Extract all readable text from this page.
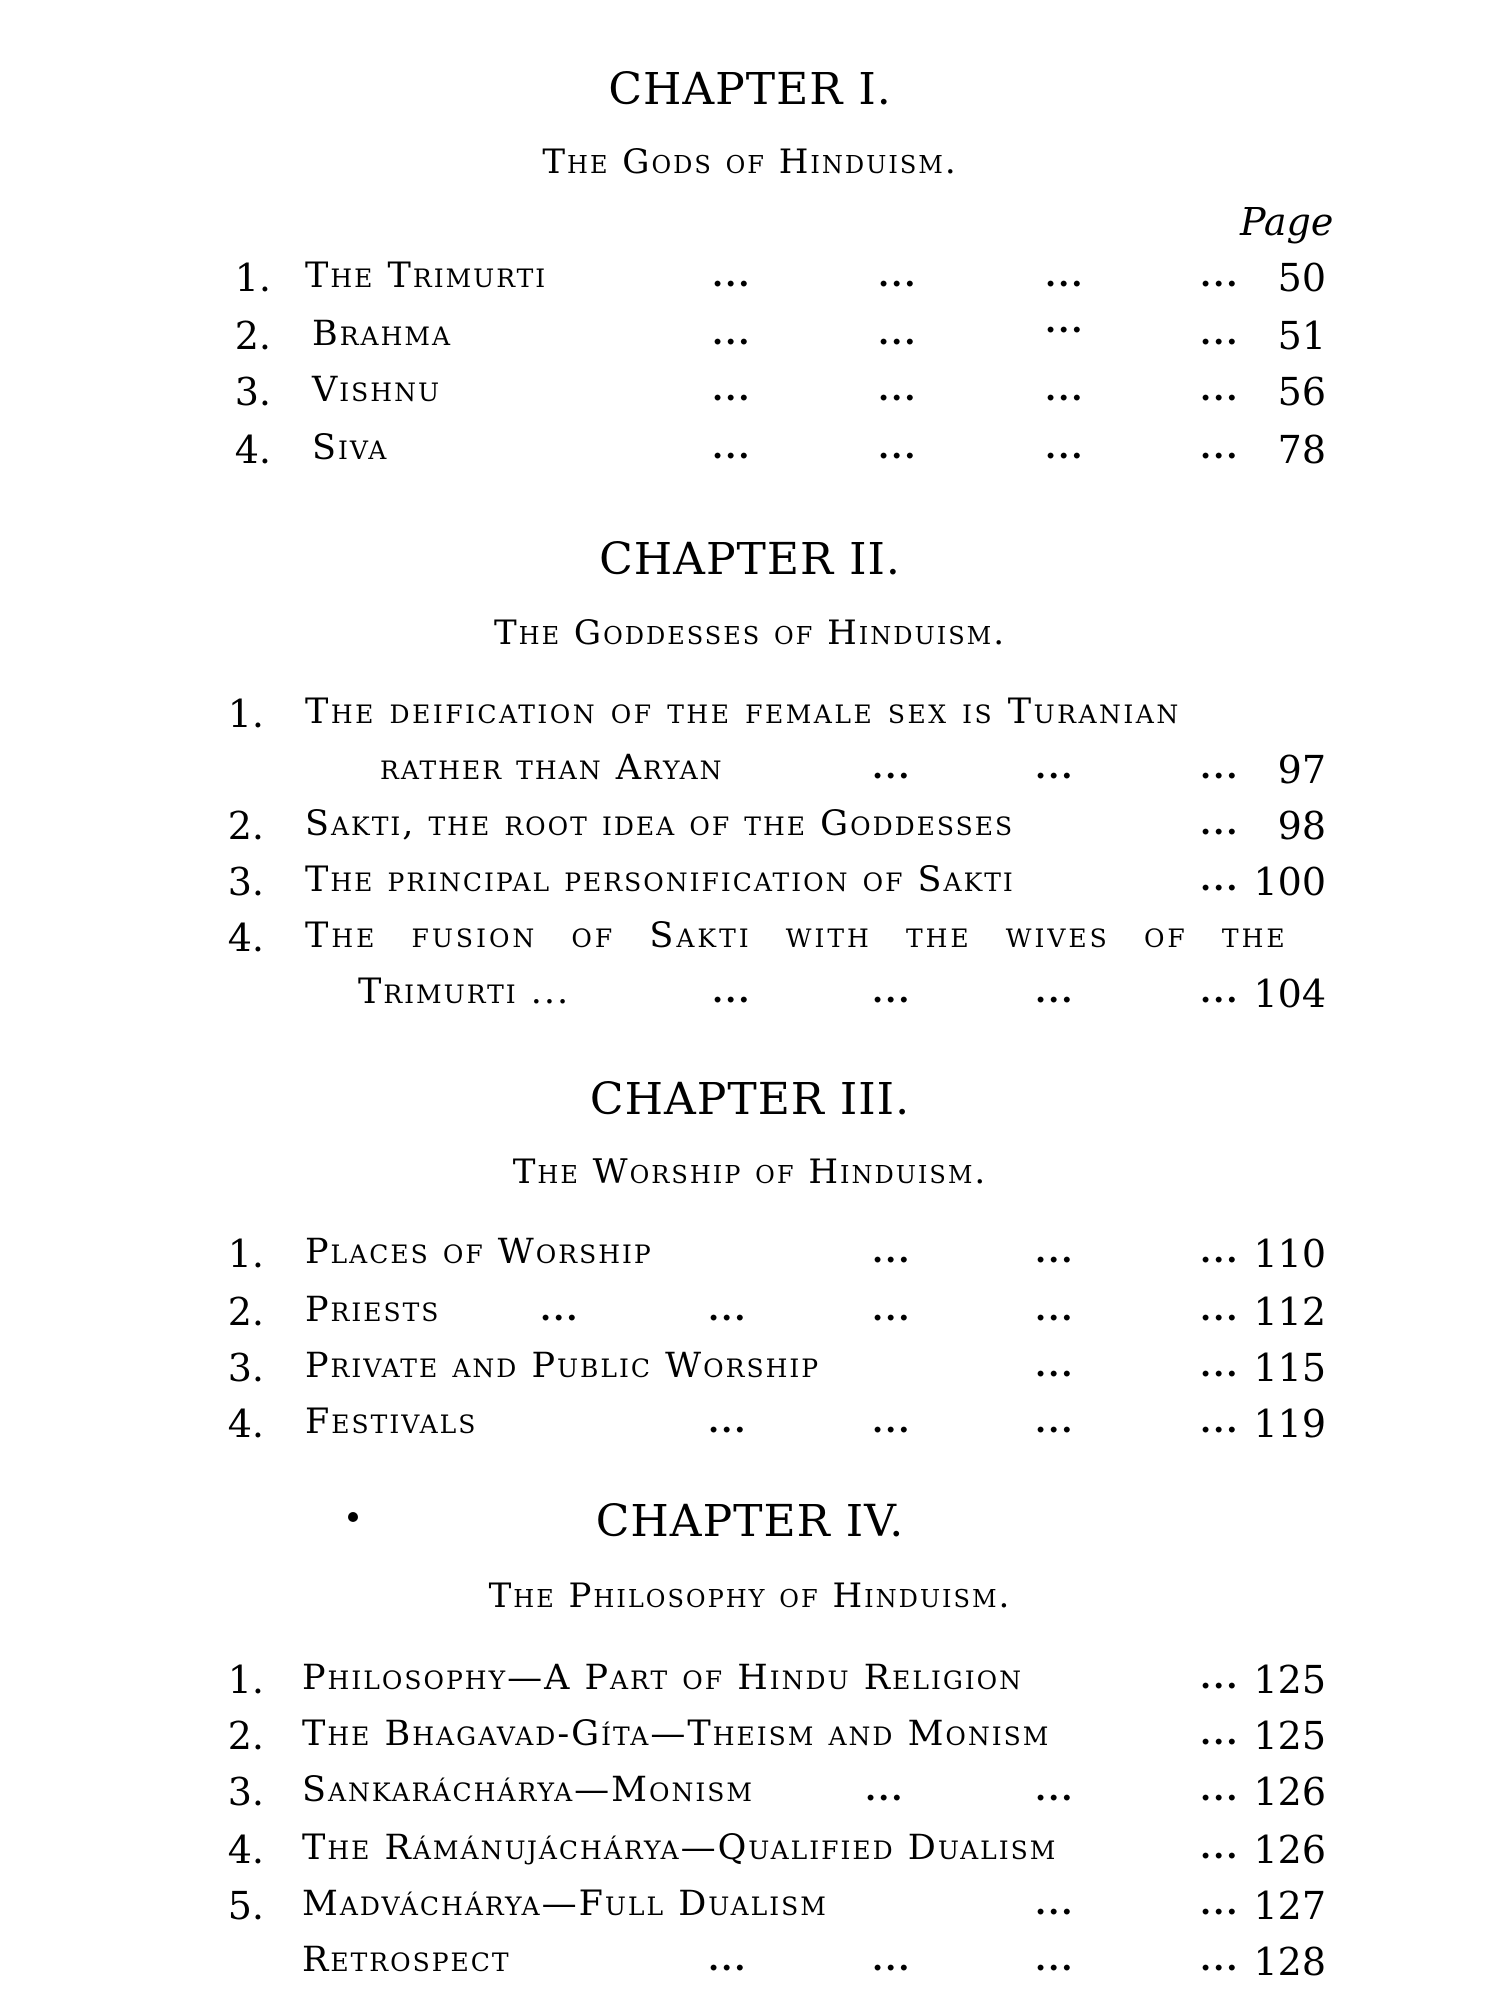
CHAPTER I.
The Gods of Hinduism.
Page
1. The Trimurti	...	...	...	...	50
2. Brahma	...	...	...	...	51
3. Vishnu	...	...	...	...	56
4. Siva	...	...	...	...	78
CHAPTER II.
The Goddesses of Hinduism.
1. The deification of the female sex is Turanian
rather than Aryan	...	...	...	97
2. Sakti, the root idea of the Goddesses	...	98
3. The principal personification of Sakti	... 100
4. The fusion of Sakti with the wives of the
Trimurti ...	...	...	...	... 104
CHAPTER III.
The Worship of Hinduism.
1. Places of Worship	...	...	... 110
2. Priests	...	...	...	...	... 112
3. Private and Public Worship	...	... 115
4. Festivals	...	...	...	... 119
CHAPTER IV.
The Philosophy of Hinduism.
1. Philosophy—A Part of Hindu Religion	... 125
2. The Bhagavad-Gíta—Theism and Monism	... 125
3. Sankaráchárya—Monism	...	...	... 126
4. The Rámánujáchárya—Qualified Dualism	... 126
5. Madváchárya—Full Dualism	...	... 127
Retrospect	...	...	...	... 128
